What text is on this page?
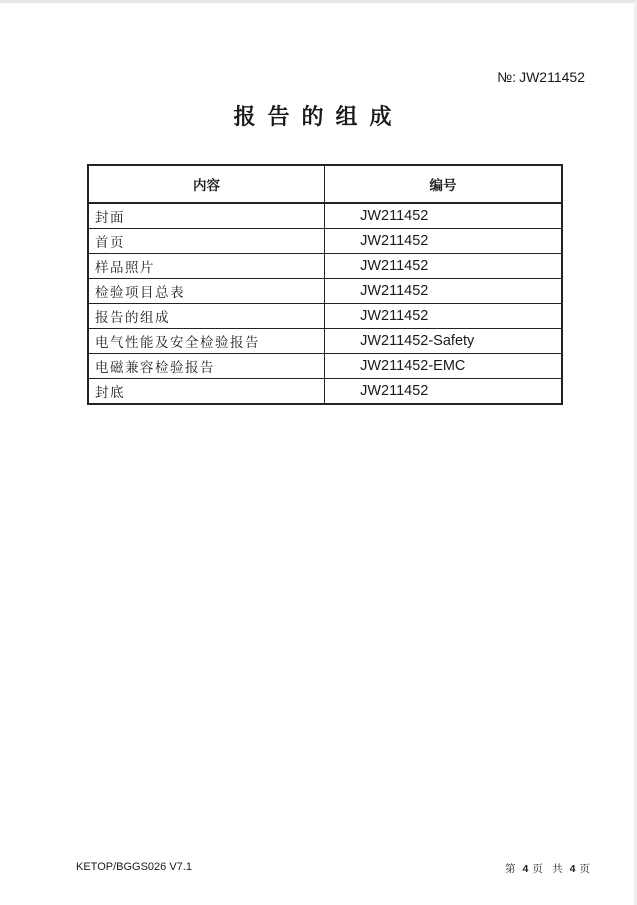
№: JW211452
报告的组成
内容	编号
封面	JW211452
首页	JW211452
样品照片	JW211452
检验项目总表	JW211452
报告的组成	JW211452
电气性能及安全检验报告	JW211452-Safety
电磁兼容检验报告	JW211452-EMC
封底	JW211452
KETOP/BGGS026 V7.1	第 4 页 共 4 页
